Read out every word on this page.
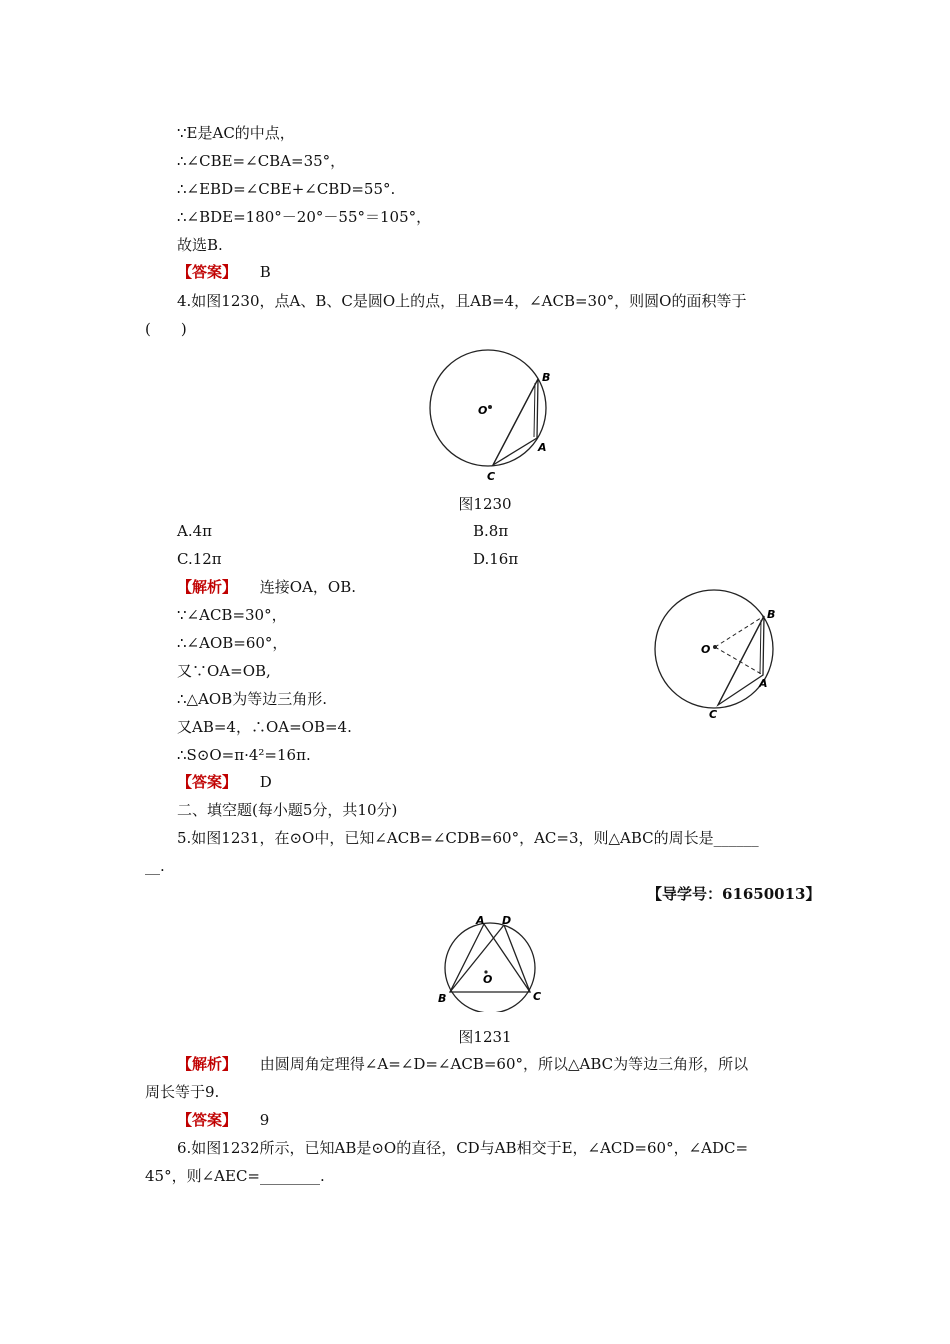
∵E是AC的中点，
∴∠CBE=∠CBA=35°，
∴∠EBD=∠CBE+∠CBD=55°.
∴∠BDE=180°－20°－55°＝105°，
故选B.
【答案】 B
4.如图1230，点A、B、C是圆O上的点，且AB=4，∠ACB=30°，则圆O的面积等于
(　　)
O
B
A
C
图1230
A.4π	B.8π
C.12π	D.16π
【解析】 连接OA，OB.
∵∠ACB=30°，
∴∠AOB=60°，
又∵OA=OB,
∴△AOB为等边三角形.
又AB=4，∴OA=OB=4.
∴S⊙O=π·4²=16π.
O
B
A
C
【答案】 D
二、填空题(每小题5分，共10分)
5.如图1231，在⊙O中，已知∠ACB=∠CDB=60°，AC=3，则△ABC的周长是______
__.
【导学号：61650013】
O
A D
B	C
图1231
【解析】 由圆周角定理得∠A=∠D=∠ACB=60°，所以△ABC为等边三角形，所以
周长等于9.
【答案】 9
6.如图1232所示，已知AB是⊙O的直径，CD与AB相交于E，∠ACD=60°，∠ADC=
45°，则∠AEC=________.
